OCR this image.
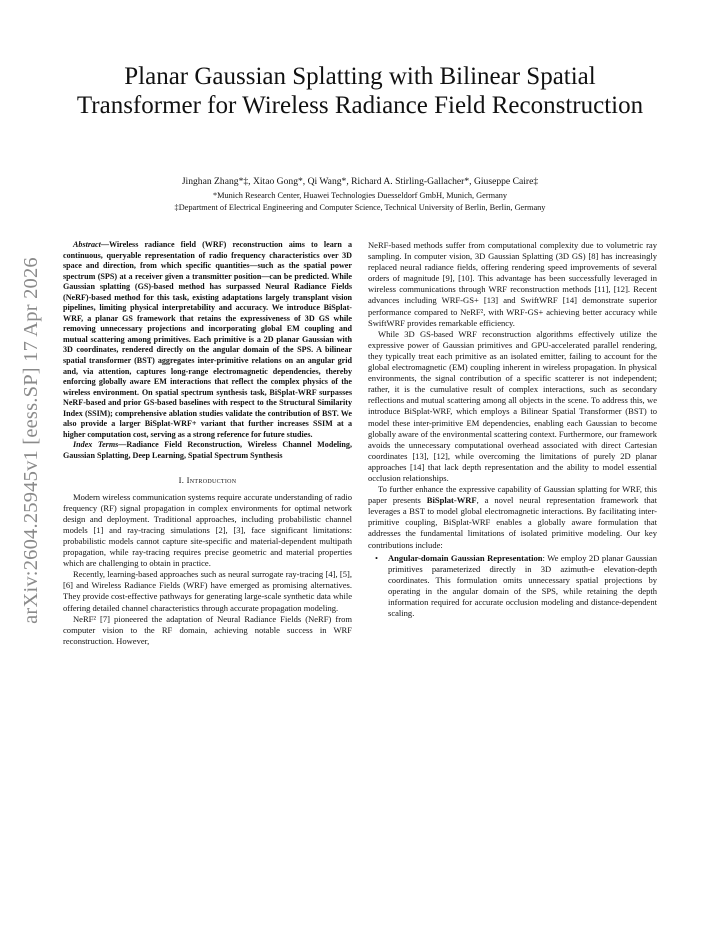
arXiv:2604.25945v1 [eess.SP] 17 Apr 2026
Planar Gaussian Splatting with Bilinear Spatial Transformer for Wireless Radiance Field Reconstruction
Jinghan Zhang*‡, Xitao Gong*, Qi Wang*, Richard A. Stirling-Gallacher*, Giuseppe Caire‡
*Munich Research Center, Huawei Technologies Duesseldorf GmbH, Munich, Germany
‡Department of Electrical Engineering and Computer Science, Technical University of Berlin, Berlin, Germany

Abstract—Wireless radiance field (WRF) reconstruction aims to learn a continuous, queryable representation of radio frequency characteristics over 3D space and direction, from which specific quantities—such as the spatial power spectrum (SPS) at a receiver given a transmitter position—can be predicted. While Gaussian splatting (GS)-based method has surpassed Neural Radiance Fields (NeRF)-based method for this task, existing adaptations largely transplant vision pipelines, limiting physical interpretability and accuracy. We introduce BiSplat-WRF, a planar GS framework that retains the expressiveness of 3D GS while removing unnecessary projections and incorporating global EM coupling and mutual scattering among primitives. Each primitive is a 2D planar Gaussian with 3D coordinates, rendered directly on the angular domain of the SPS. A bilinear spatial transformer (BST) aggregates inter-primitive relations on an angular grid and, via attention, captures long-range electromagnetic dependencies, thereby enforcing globally aware EM interactions that reflect the complex physics of the wireless environment. On spatial spectrum synthesis task, BiSplat-WRF surpasses NeRF-based and prior GS-based baselines with respect to the Structural Similarity Index (SSIM); comprehensive ablation studies validate the contribution of BST. We also provide a larger BiSplat-WRF+ variant that further increases SSIM at a higher computation cost, serving as a strong reference for future studies.

Index Terms—Radiance Field Reconstruction, Wireless Channel Modeling, Gaussian Splatting, Deep Learning, Spatial Spectrum Synthesis

I. Introduction

Modern wireless communication systems require accurate understanding of radio frequency (RF) signal propagation in complex environments for optimal network design and deployment. Traditional approaches, including probabilistic channel models [1] and ray-tracing simulations [2], [3], face significant limitations: probabilistic models cannot capture site-specific and material-dependent multipath propagation, while ray-tracing requires precise geometric and material properties which are challenging to obtain in practice.

Recently, learning-based approaches such as neural surrogate ray-tracing [4], [5], [6] and Wireless Radiance Fields (WRF) have emerged as promising alternatives. They provide cost-effective pathways for generating large-scale synthetic data while offering detailed channel characteristics through accurate propagation modeling.

NeRF² [7] pioneered the adaptation of Neural Radiance Fields (NeRF) from computer vision to the RF domain, achieving notable success in WRF reconstruction. However,

NeRF-based methods suffer from computational complexity due to volumetric ray sampling. In computer vision, 3D Gaussian Splatting (3D GS) [8] has increasingly replaced neural radiance fields, offering rendering speed improvements of several orders of magnitude [9], [10]. This advantage has been successfully leveraged in wireless communications through WRF reconstruction methods [11], [12]. Recent advances including WRF-GS+ [13] and SwiftWRF [14] demonstrate superior performance compared to NeRF², with WRF-GS+ achieving better accuracy while SwiftWRF provides remarkable efficiency.

While 3D GS-based WRF reconstruction algorithms effectively utilize the expressive power of Gaussian primitives and GPU-accelerated parallel rendering, they typically treat each primitive as an isolated emitter, failing to account for the global electromagnetic (EM) coupling inherent in wireless propagation. In physical environments, the signal contribution of a specific scatterer is not independent; rather, it is the cumulative result of complex interactions, such as secondary reflections and mutual scattering among all objects in the scene. To address this, we introduce BiSplat-WRF, which employs a Bilinear Spatial Transformer (BST) to model these inter-primitive EM dependencies, enabling each Gaussian to become globally aware of the environmental scattering context. Furthermore, our framework avoids the unnecessary computational overhead associated with direct Cartesian coordinates [13], [12], while overcoming the limitations of purely 2D planar approaches [14] that lack depth representation and the ability to model essential occlusion relationships.

To further enhance the expressive capability of Gaussian splatting for WRF, this paper presents BiSplat-WRF, a novel neural representation framework that leverages a BST to model global electromagnetic interactions. By facilitating inter-primitive coupling, BiSplat-WRF enables a globally aware formulation that addresses the fundamental limitations of isolated primitive modeling. Our key contributions include:

• Angular-domain Gaussian Representation: We employ 2D planar Gaussian primitives parameterized directly in 3D azimuth-e elevation-depth coordinates. This formulation omits unnecessary spatial projections by operating in the angular domain of the SPS, while retaining the depth information required for accurate occlusion modeling and distance-dependent scaling.
